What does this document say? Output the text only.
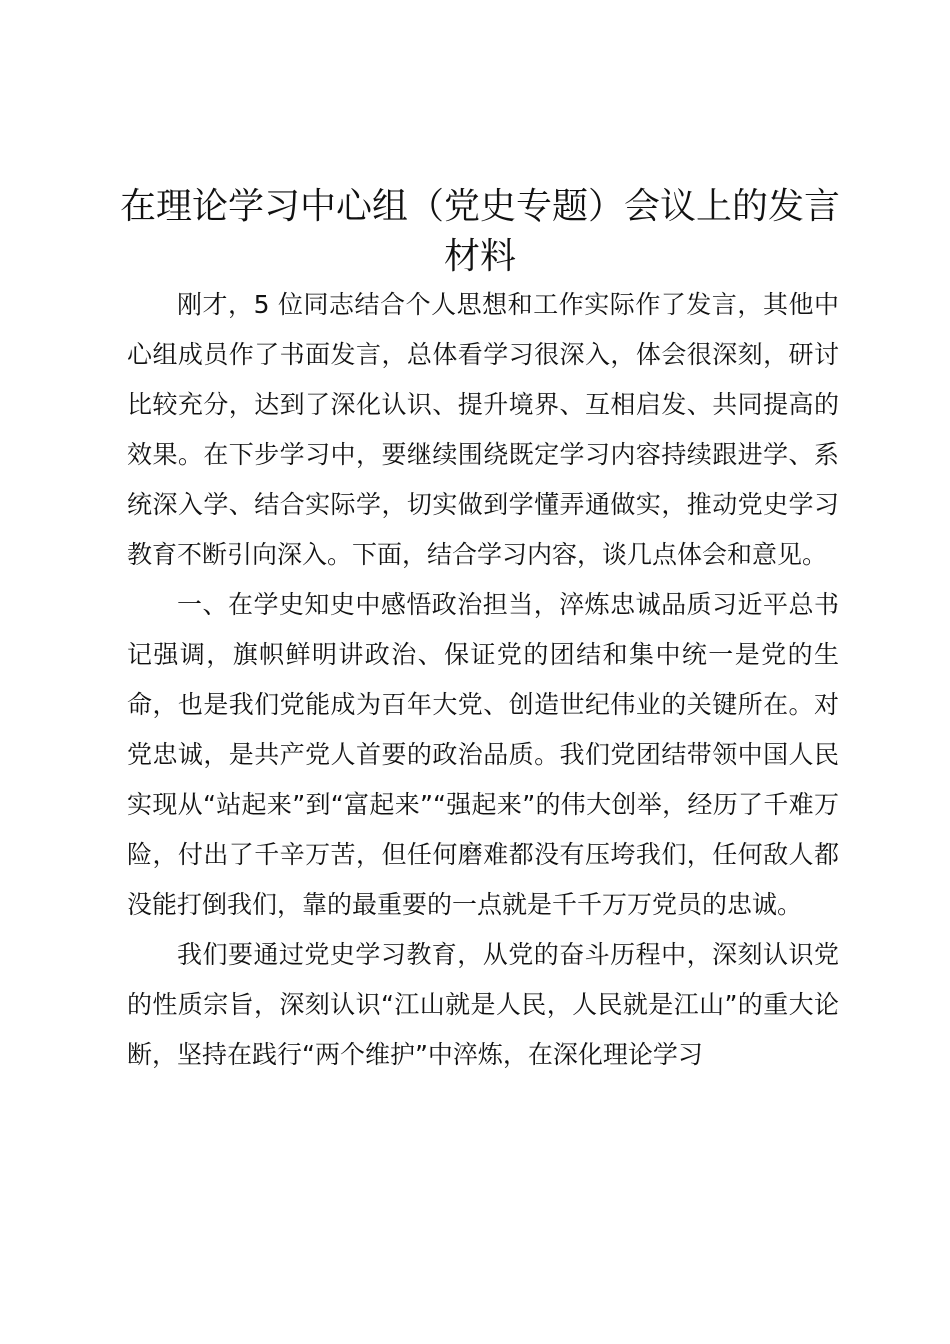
在理论学习中心组（党史专题）会议上的发言
材料

刚才，5 位同志结合个人思想和工作实际作了发言，其他中心组成员作了书面发言，总体看学习很深入，体会很深刻，研讨比较充分，达到了深化认识、提升境界、互相启发、共同提高的效果。在下步学习中，要继续围绕既定学习内容持续跟进学、系统深入学、结合实际学，切实做到学懂弄通做实，推动党史学习教育不断引向深入。下面，结合学习内容，谈几点体会和意见。

一、在学史知史中感悟政治担当，淬炼忠诚品质习近平总书记强调，旗帜鲜明讲政治、保证党的团结和集中统一是党的生命，也是我们党能成为百年大党、创造世纪伟业的关键所在。对党忠诚，是共产党人首要的政治品质。我们党团结带领中国人民实现从“站起来”到“富起来”“强起来”的伟大创举，经历了千难万险，付出了千辛万苦，但任何磨难都没有压垮我们，任何敌人都没能打倒我们，靠的最重要的一点就是千千万万党员的忠诚。

我们要通过党史学习教育，从党的奋斗历程中，深刻认识党的性质宗旨，深刻认识“江山就是人民，人民就是江山”的重大论断，坚持在践行“两个维护”中淬炼，在深化理论学习
